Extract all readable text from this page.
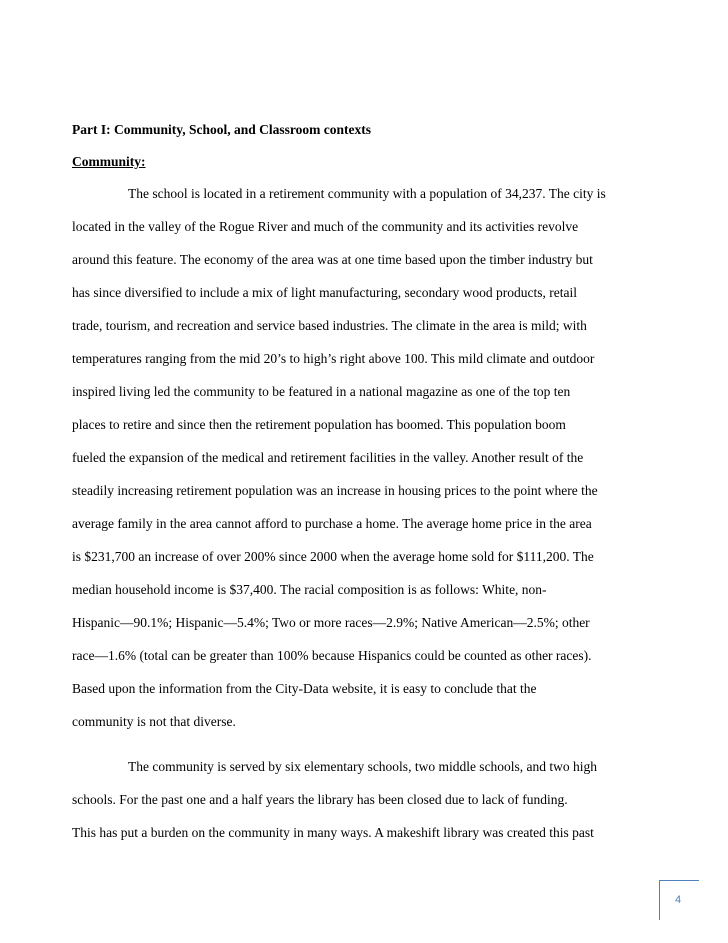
Part I: Community, School, and Classroom contexts
Community:
The school is located in a retirement community with a population of 34,237. The city is
located in the valley of the Rogue River and much of the community and its activities revolve
around this feature. The economy of the area was at one time based upon the timber industry but
has since diversified to include a mix of light manufacturing, secondary wood products, retail
trade, tourism, and recreation and service based industries. The climate in the area is mild; with
temperatures ranging from the mid 20’s to high’s right above 100. This mild climate and outdoor
inspired living led the community to be featured in a national magazine as one of the top ten
places to retire and since then the retirement population has boomed. This population boom
fueled the expansion of the medical and retirement facilities in the valley. Another result of the
steadily increasing retirement population was an increase in housing prices to the point where the
average family in the area cannot afford to purchase a home. The average home price in the area
is $231,700 an increase of over 200% since 2000 when the average home sold for $111,200. The
median household income is $37,400. The racial composition is as follows: White, non-
Hispanic—90.1%; Hispanic—5.4%; Two or more races—2.9%; Native American—2.5%; other
race—1.6% (total can be greater than 100% because Hispanics could be counted as other races).
Based upon the information from the City-Data website, it is easy to conclude that the
community is not that diverse.
The community is served by six elementary schools, two middle schools, and two high
schools. For the past one and a half years the library has been closed due to lack of funding.
This has put a burden on the community in many ways. A makeshift library was created this past
4
